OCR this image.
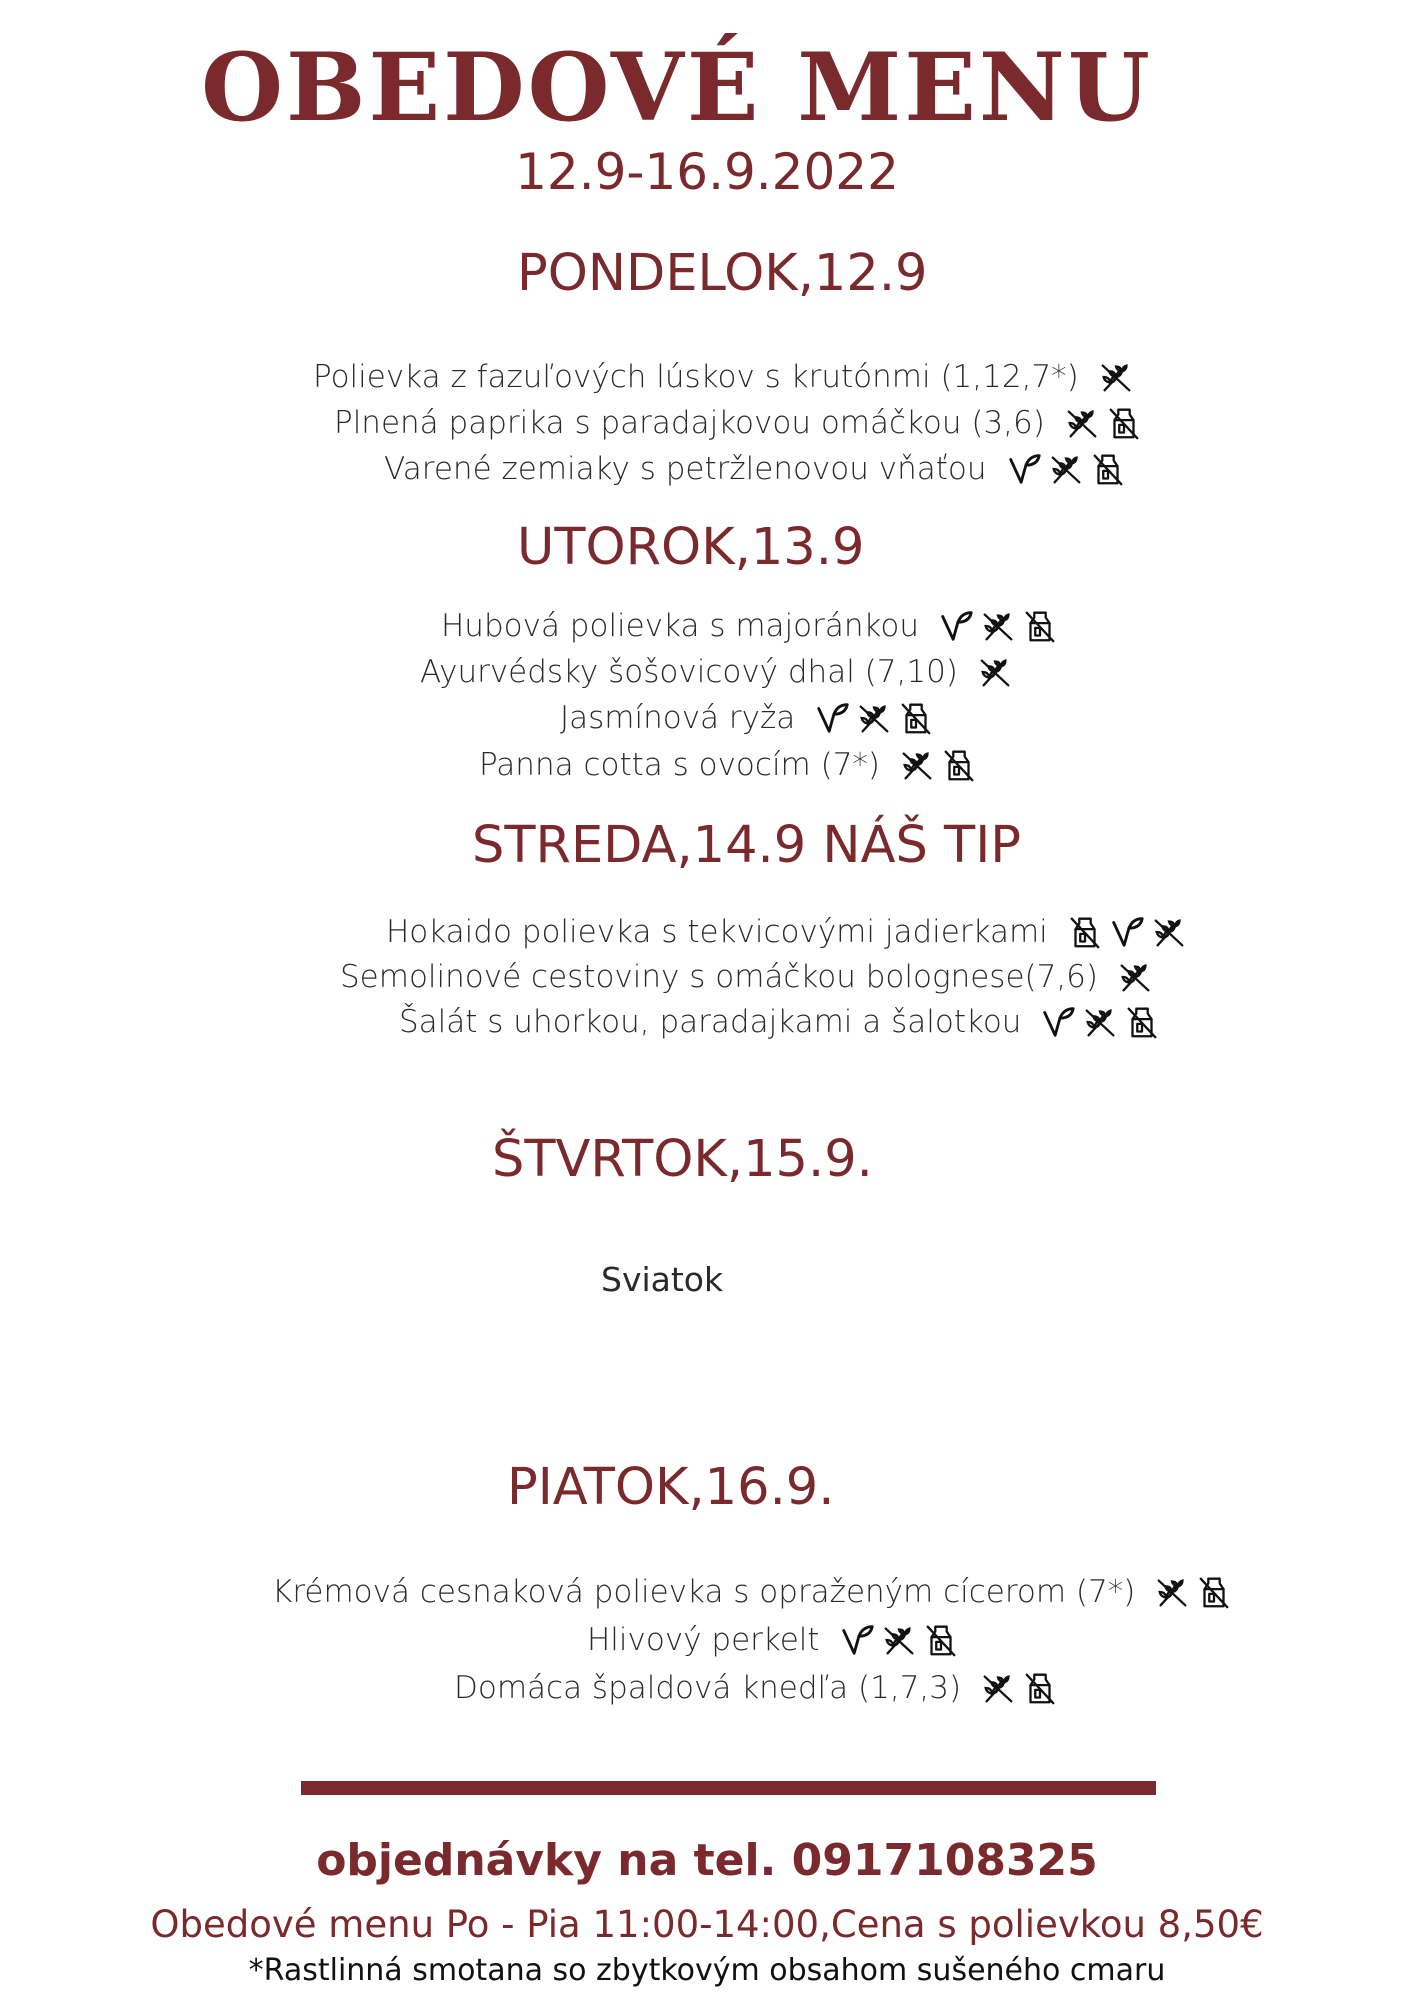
OBEDOVÉ MENU
12.9-16.9.2022
PONDELOK,12.9
Polievka z fazuľových lúskov s krutónmi (1,12,7*)
Plnená paprika s paradajkovou omáčkou (3,6)
Varené zemiaky s petržlenovou vňaťou
UTOROK,13.9
Hubová polievka s majoránkou
Ayurvédsky šošovicový dhal (7,10)
Jasmínová ryža
Panna cotta s ovocím (7*)
STREDA,14.9 NÁŠ TIP
Hokaido polievka s tekvicovými jadierkami
Semolinové cestoviny s omáčkou bolognese(7,6)
Šalát s uhorkou, paradajkami a šalotkou
ŠTVRTOK,15.9.
Sviatok
PIATOK,16.9.
Krémová cesnaková polievka s opraženým cícerom (7*)
Hlivový perkelt
Domáca špaldová knedľa (1,7,3)
objednávky na tel. 0917108325
Obedové menu Po - Pia 11:00-14:00,Cena s polievkou 8,50€
*Rastlinná smotana so zbytkovým obsahom sušeného cmaru
